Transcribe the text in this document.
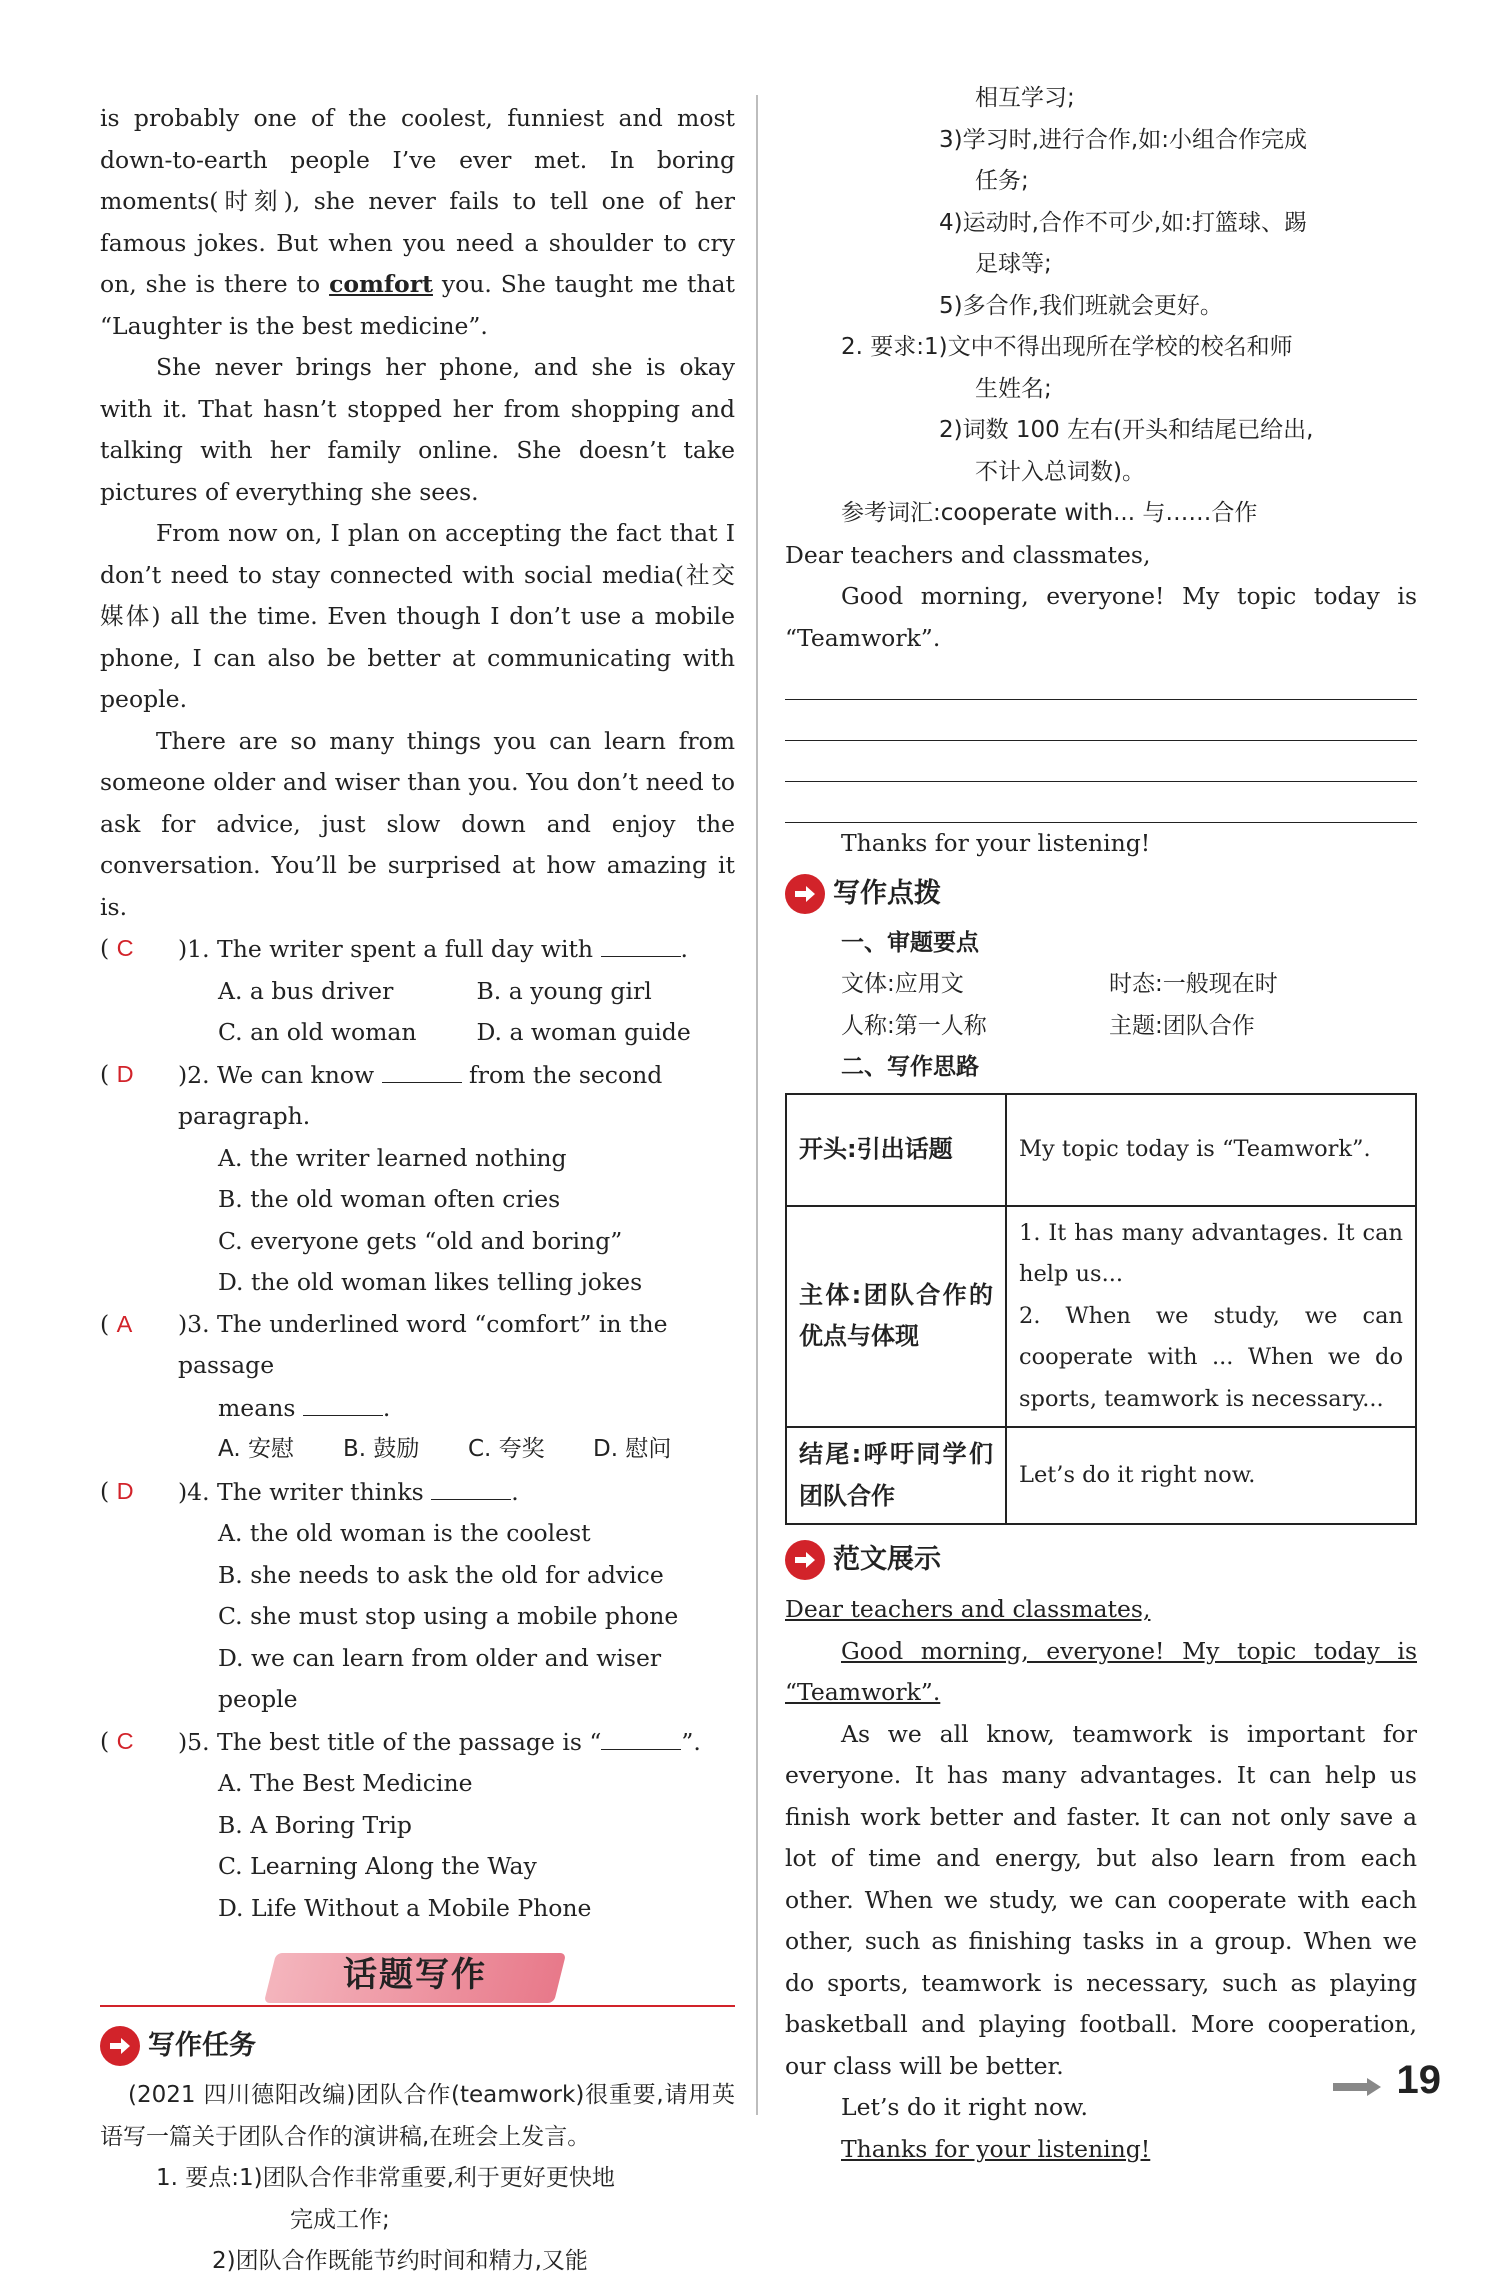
is probably one of the coolest, funniest and most down-to-earth people I’ve ever met. In boring moments(时刻), she never fails to tell one of her famous jokes. But when you need a shoulder to cry on, she is there to comfort you. She taught me that “Laughter is the best medicine”.

She never brings her phone, and she is okay with it. That hasn’t stopped her from shopping and talking with her family online. She doesn’t take pictures of everything she sees.

From now on, I plan on accepting the fact that I don’t need to stay connected with social media(社交媒体) all the time. Even though I don’t use a mobile phone, I can also be better at communicating with people.

There are so many things you can learn from someone older and wiser than you. You don’t need to ask for advice, just slow down and enjoy the conversation. You’ll be surprised at how amazing it is.

( C	)1. The writer spent a full day with	.
A. a bus driver	B. a young girl
C. an old woman	D. a woman guide
( D	)2. We can know	from the second paragraph.
A. the writer learned nothing
B. the old woman often cries
C. everyone gets “old and boring”
D. the old woman likes telling jokes
( A	)3. The underlined word “comfort” in the passage
means	.
A. 安慰	B. 鼓励	C. 夸奖	D. 慰问
( D	)4. The writer thinks	.
A. the old woman is the coolest
B. she needs to ask the old for advice
C. she must stop using a mobile phone
D. we can learn from older and wiser people
( C	)5. The best title of the passage is “	”.
A. The Best Medicine
B. A Boring Trip
C. Learning Along the Way
D. Life Without a Mobile Phone
话题写作
写作任务

(2021 四川德阳改编)团队合作(teamwork)很重要,请用英语写一篇关于团队合作的演讲稿,在班会上发言。

1. 要点:1)团队合作非常重要,利于更好更快地

完成工作;

2)团队合作既能节约时间和精力,又能

相互学习;

3)学习时,进行合作,如:小组合作完成

任务;

4)运动时,合作不可少,如:打篮球、踢

足球等;

5)多合作,我们班就会更好。

2. 要求:1)文中不得出现所在学校的校名和师

生姓名;

2)词数 100 左右(开头和结尾已给出,

不计入总词数)。

参考词汇:cooperate with... 与……合作

Dear teachers and classmates,

Good morning, everyone! My topic today is “Teamwork”.

Thanks for your listening!

写作点拨

一、审题要点

文体:应用文	时态:一般现在时
人称:第一人称	主题:团队合作

二、写作思路

开头:引出话题	My topic today is “Teamwork”.
主体:团队合作的优点与体现	1. It has many advantages. It can help us...
2. When we study, we can cooperate with ... When we do sports, teamwork is necessary...
结尾:呼吁同学们团队合作	Let’s do it right now.
范文展示

Dear teachers and classmates,

Good morning, everyone! My topic today is “Teamwork”.

As we all know, teamwork is important for everyone. It has many advantages. It can help us finish work better and faster. It can not only save a lot of time and energy, but also learn from each other. When we study, we can cooperate with each other, such as finishing tasks in a group. When we do sports, teamwork is necessary, such as playing basketball and playing football. More cooperation, our class will be better.

Let’s do it right now.

Thanks for your listening!

19
